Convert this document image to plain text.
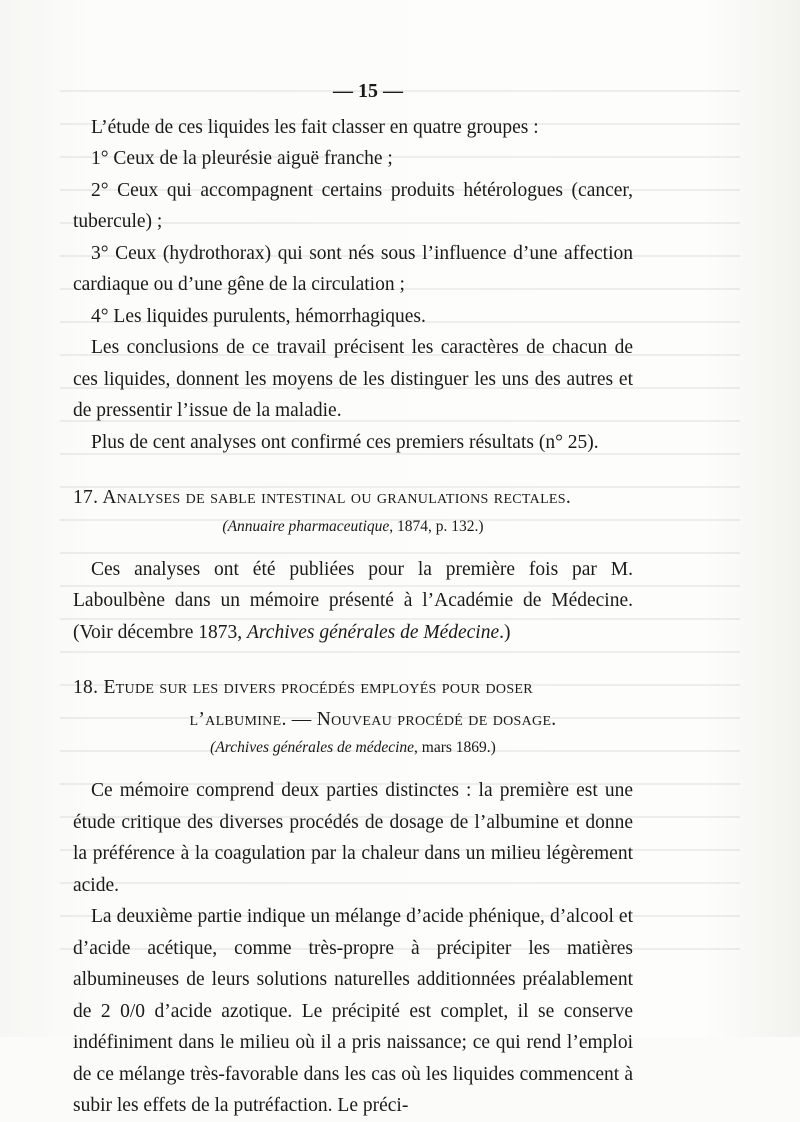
— 15 —

L’étude de ces liquides les fait classer en quatre groupes :

1° Ceux de la pleurésie aiguë franche ;

2° Ceux qui accompagnent certains produits hétérologues (cancer, tubercule) ;

3° Ceux (hydrothorax) qui sont nés sous l’influence d’une affection cardiaque ou d’une gêne de la circulation ;

4° Les liquides purulents, hémorrhagiques.

Les conclusions de ce travail précisent les caractères de chacun de ces liquides, donnent les moyens de les distinguer les uns des autres et de pressentir l’issue de la maladie.

Plus de cent analyses ont confirmé ces premiers résultats (n° 25).

17. Analyses de sable intestinal ou granulations rectales.

(Annuaire pharmaceutique, 1874, p. 132.)

Ces analyses ont été publiées pour la première fois par M. Laboulbène dans un mémoire présenté à l’Académie de Médecine. (Voir décembre 1873, Archives générales de Médecine.)

18. Etude sur les divers procédés employés pour doser
l’albumine. — Nouveau procédé de dosage.

(Archives générales de médecine, mars 1869.)

Ce mémoire comprend deux parties distinctes : la première est une étude critique des diverses procédés de dosage de l’albumine et donne la préférence à la coagulation par la chaleur dans un milieu légèrement acide.

La deuxième partie indique un mélange d’acide phénique, d’alcool et d’acide acétique, comme très-propre à précipiter les matières albumineuses de leurs solutions naturelles additionnées préalablement de 2 0/0 d’acide azotique. Le précipité est complet, il se conserve indéfiniment dans le milieu où il a pris naissance; ce qui rend l’emploi de ce mélange très-favorable dans les cas où les liquides commencent à subir les effets de la putréfaction. Le préci-
